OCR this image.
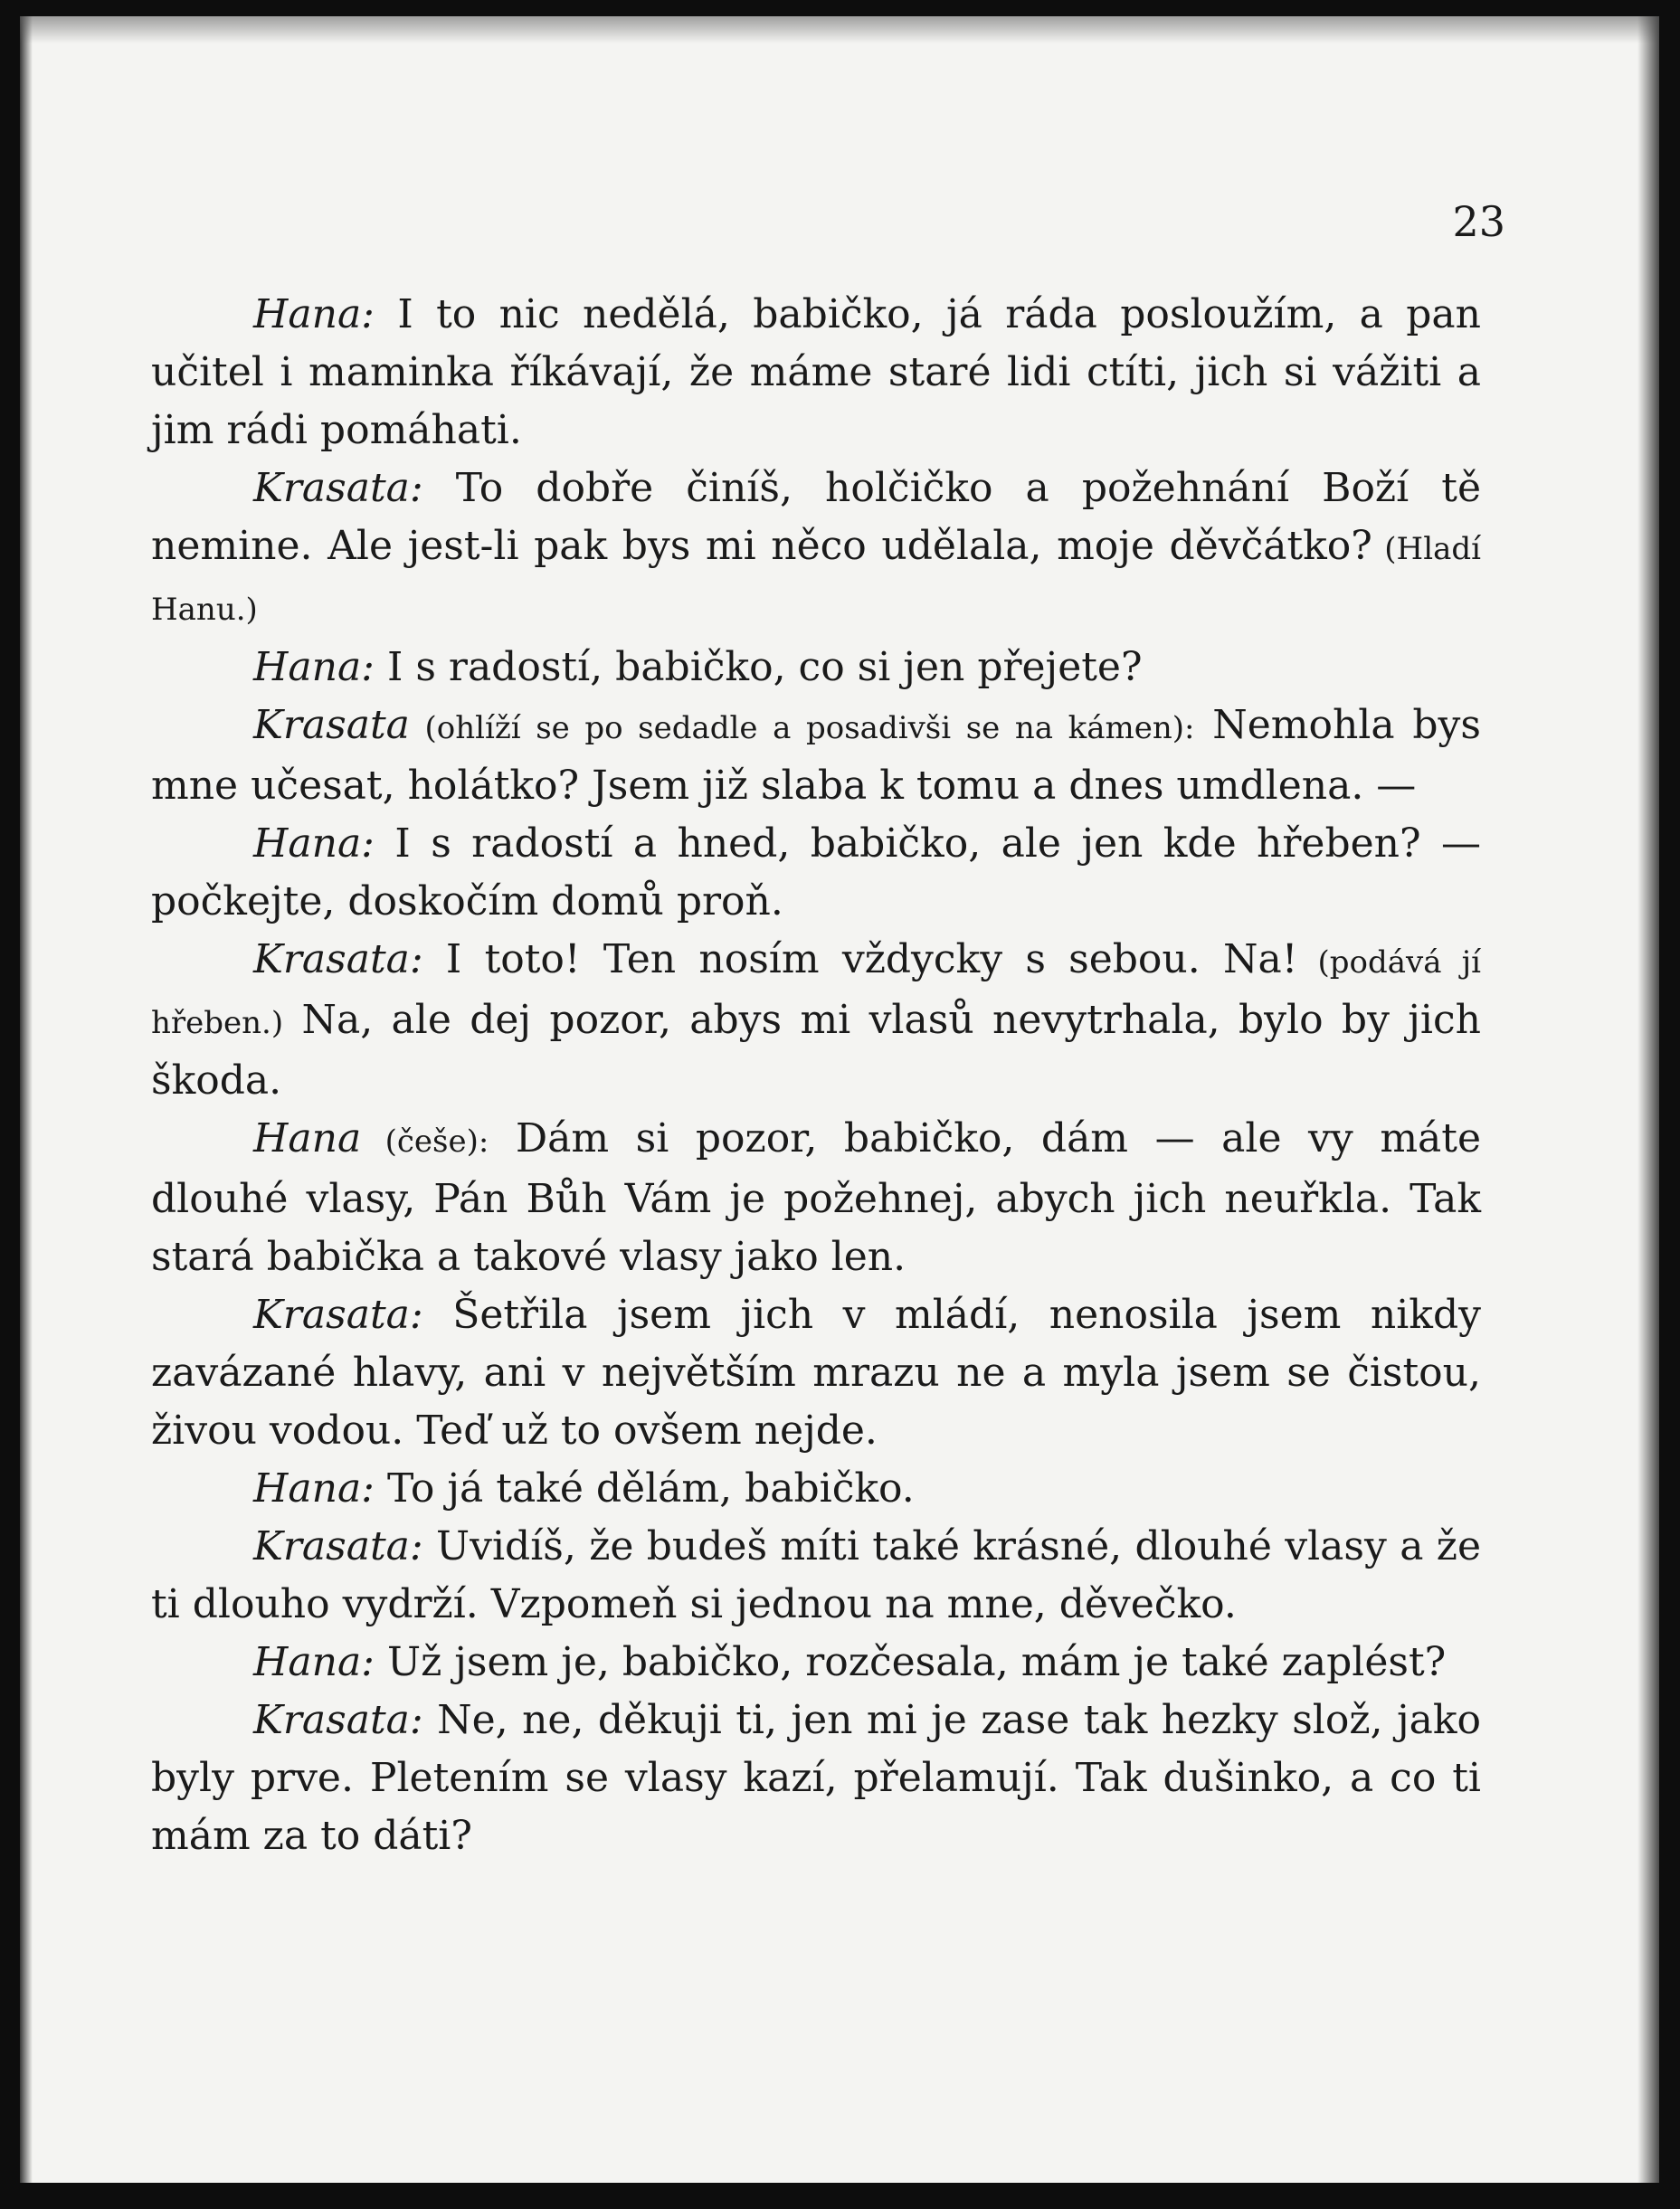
23

Hana: I to nic nedělá, babičko, já ráda posloužím, a pan učitel i maminka říkávají, že máme staré lidi ctíti, jich si vážiti a jim rádi pomáhati.

Krasata: To dobře činíš, holčičko a požehnání Boží tě nemine. Ale jest-li pak bys mi něco udělala, moje děvčátko? (Hladí Hanu.)

Hana: I s radostí, babičko, co si jen přejete?

Krasata (ohlíží se po sedadle a posadivši se na kámen): Nemohla bys mne učesat, holátko? Jsem již slaba k tomu a dnes umdlena. —

Hana: I s radostí a hned, babičko, ale jen kde hřeben? — počkejte, doskočím domů proň.

Krasata: I toto! Ten nosím vždycky s sebou. Na! (podává jí hřeben.) Na, ale dej pozor, abys mi vlasů nevytrhala, bylo by jich škoda.

Hana (češe): Dám si pozor, babičko, dám — ale vy máte dlouhé vlasy, Pán Bůh Vám je požehnej, abych jich neuřkla. Tak stará babička a takové vlasy jako len.

Krasata: Šetřila jsem jich v mládí, nenosila jsem nikdy zavázané hlavy, ani v největším mrazu ne a myla jsem se čistou, živou vodou. Teď už to ovšem nejde.

Hana: To já také dělám, babičko.

Krasata: Uvidíš, že budeš míti také krásné, dlouhé vlasy a že ti dlouho vydrží. Vzpomeň si jednou na mne, děvečko.

Hana: Už jsem je, babičko, rozčesala, mám je také zaplést?

Krasata: Ne, ne, děkuji ti, jen mi je zase tak hezky slož, jako byly prve. Pletením se vlasy kazí, přelamují. Tak dušinko, a co ti mám za to dáti?
